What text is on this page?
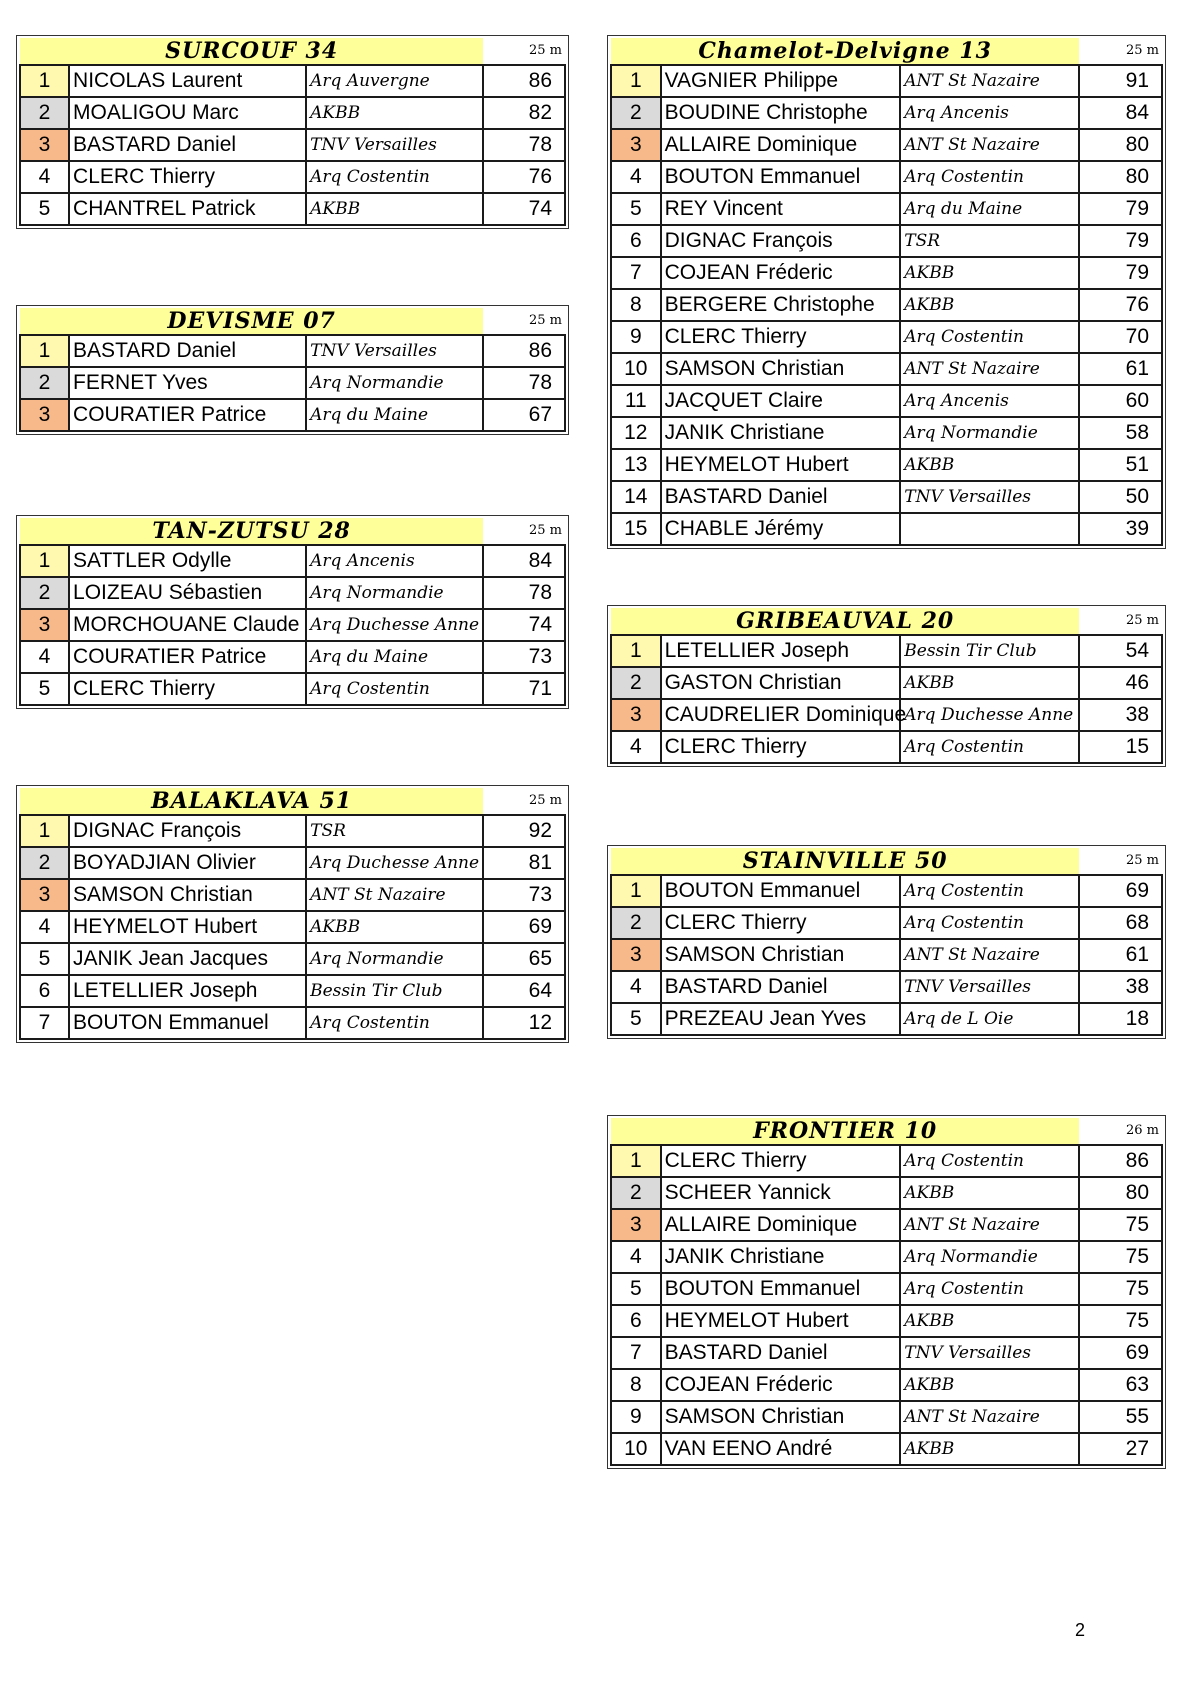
SURCOUF 34			25 m
1	NICOLAS Laurent	Arq Auvergne	86
2	MOALIGOU Marc	AKBB	82
3	BASTARD Daniel	TNV Versailles	78
4	CLERC Thierry	Arq Costentin	76
5	CHANTREL Patrick	AKBB	74
DEVISME 07			25 m
1	BASTARD Daniel	TNV Versailles	86
2	FERNET Yves	Arq Normandie	78
3	COURATIER Patrice	Arq du Maine	67
TAN-ZUTSU 28			25 m
1	SATTLER Odylle	Arq Ancenis	84
2	LOIZEAU Sébastien	Arq Normandie	78
3	MORCHOUANE Claude	Arq Duchesse Anne	74
4	COURATIER Patrice	Arq du Maine	73
5	CLERC Thierry	Arq Costentin	71
BALAKLAVA 51			25 m
1	DIGNAC François	TSR	92
2	BOYADJIAN Olivier	Arq Duchesse Anne	81
3	SAMSON Christian	ANT St Nazaire	73
4	HEYMELOT Hubert	AKBB	69
5	JANIK Jean Jacques	Arq Normandie	65
6	LETELLIER Joseph	Bessin Tir Club	64
7	BOUTON Emmanuel	Arq Costentin	12
Chamelot-Delvigne 13			25 m
1	VAGNIER Philippe	ANT St Nazaire	91
2	BOUDINE Christophe	Arq Ancenis	84
3	ALLAIRE Dominique	ANT St Nazaire	80
4	BOUTON Emmanuel	Arq Costentin	80
5	REY Vincent	Arq du Maine	79
6	DIGNAC François	TSR	79
7	COJEAN Fréderic	AKBB	79
8	BERGERE Christophe	AKBB	76
9	CLERC Thierry	Arq Costentin	70
10	SAMSON Christian	ANT St Nazaire	61
11	JACQUET Claire	Arq Ancenis	60
12	JANIK Christiane	Arq Normandie	58
13	HEYMELOT Hubert	AKBB	51
14	BASTARD Daniel	TNV Versailles	50
15	CHABLE Jérémy		39
GRIBEAUVAL 20			25 m
1	LETELLIER Joseph	Bessin Tir Club	54
2	GASTON Christian	AKBB	46
3	CAUDRELIER Dominique	Arq Duchesse Anne	38
4	CLERC Thierry	Arq Costentin	15
STAINVILLE 50			25 m
1	BOUTON Emmanuel	Arq Costentin	69
2	CLERC Thierry	Arq Costentin	68
3	SAMSON Christian	ANT St Nazaire	61
4	BASTARD Daniel	TNV Versailles	38
5	PREZEAU Jean Yves	Arq de L Oie	18
FRONTIER 10			26 m
1	CLERC Thierry	Arq Costentin	86
2	SCHEER Yannick	AKBB	80
3	ALLAIRE Dominique	ANT St Nazaire	75
4	JANIK Christiane	Arq Normandie	75
5	BOUTON Emmanuel	Arq Costentin	75
6	HEYMELOT Hubert	AKBB	75
7	BASTARD Daniel	TNV Versailles	69
8	COJEAN Fréderic	AKBB	63
9	SAMSON Christian	ANT St Nazaire	55
10	VAN EENO André	AKBB	27
2
